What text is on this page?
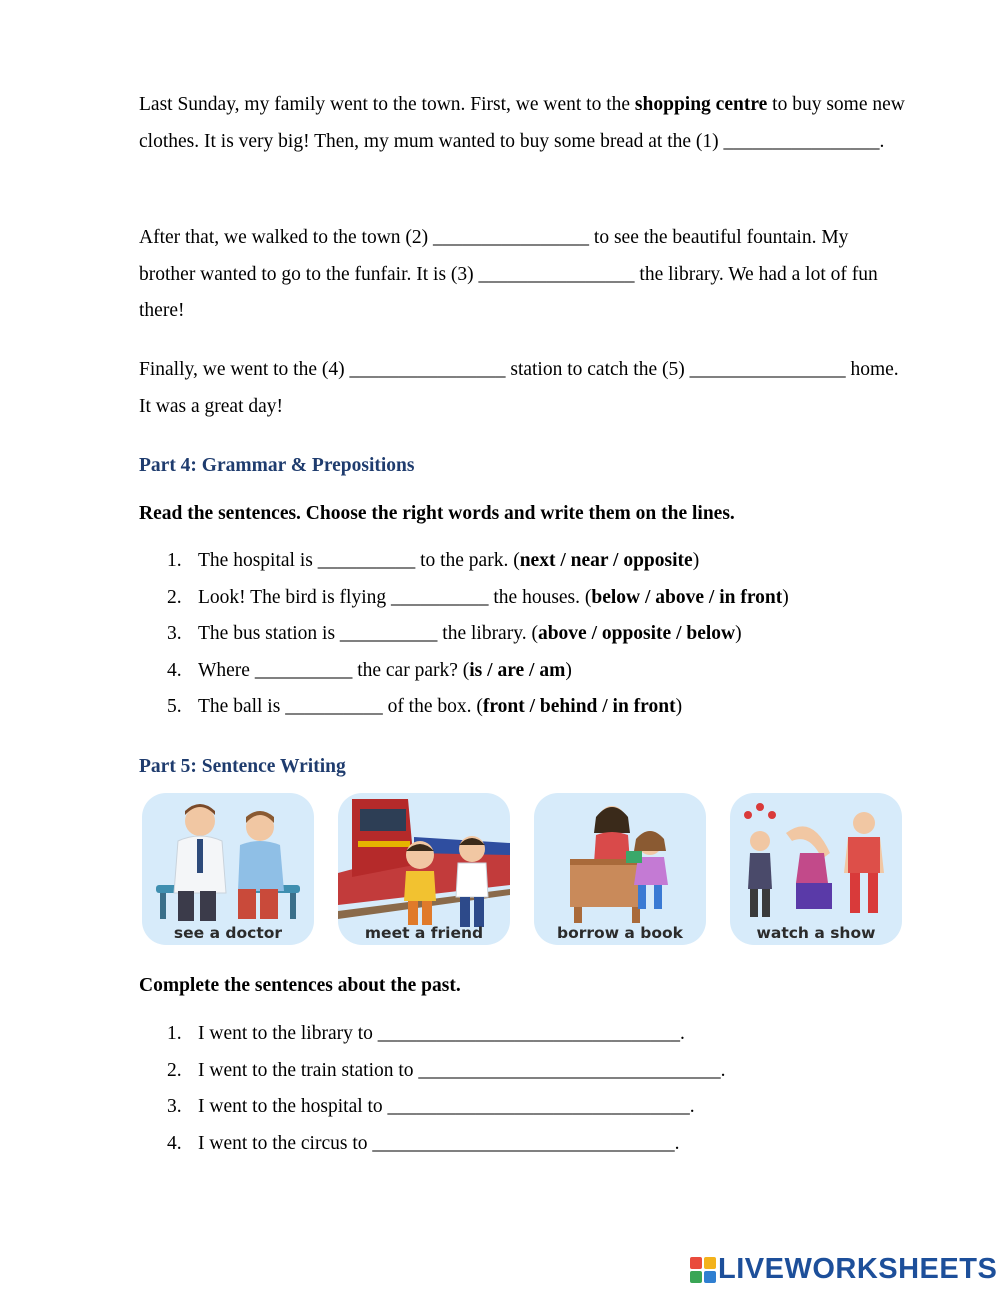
Last Sunday, my family went to the town. First, we went to the shopping centre to buy some new clothes. It is very big! Then, my mum wanted to buy some bread at the (1) ________________.

After that, we walked to the town (2) ________________ to see the beautiful fountain. My brother wanted to go to the funfair. It is (3) ________________ the library. We had a lot of fun there!

Finally, we went to the (4) ________________ station to catch the (5) ________________ home. It was a great day!

Part 4: Grammar & Prepositions

Read the sentences. Choose the right words and write them on the lines.

1. The hospital is __________ to the park. (next / near / opposite)
2. Look! The bird is flying __________ the houses. (below / above / in front)
3. The bus station is __________ the library. (above / opposite / below)
4. Where __________ the car park? (is / are / am)
5. The ball is __________ of the box. (front / behind / in front)
Part 5: Sentence Writing
see a doctor	meet a friend	borrow a book	watch a show

Complete the sentences about the past.

1. I went to the library to _______________________________.
2. I went to the train station to _______________________________.
3. I went to the hospital to _______________________________.
4. I went to the circus to _______________________________.
LIVEWORKSHEETS
